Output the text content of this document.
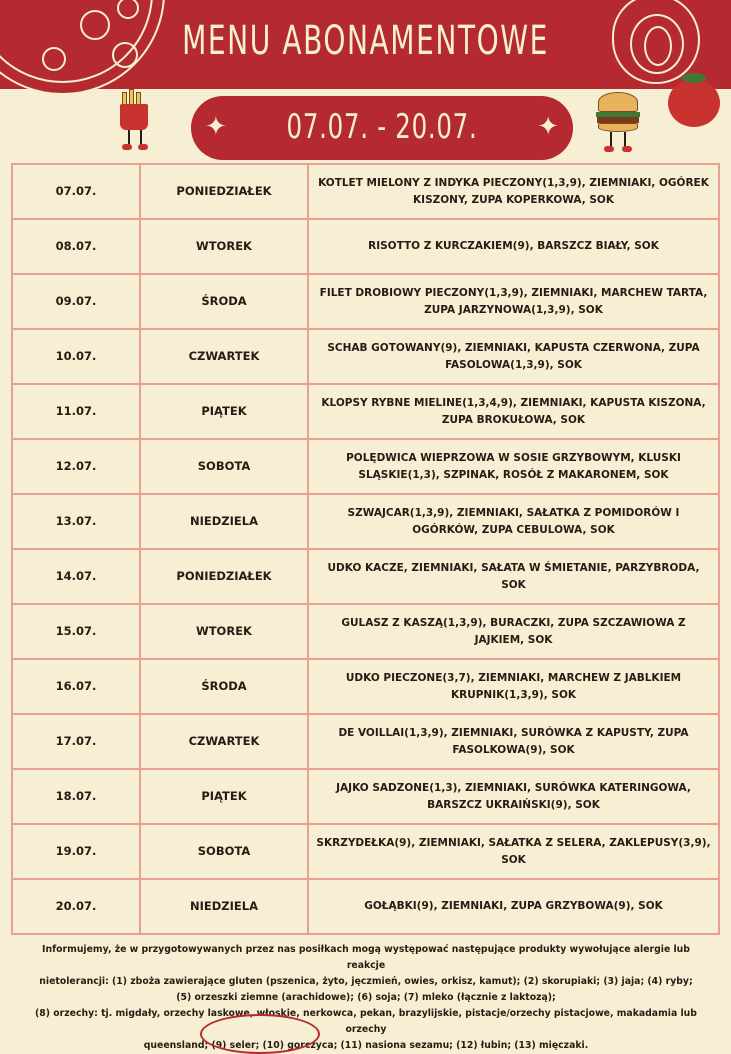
MENU ABONAMENTOWE
✦	07.07. - 20.07.	✦
07.07.	PONIEDZIAŁEK	KOTLET MIELONY Z INDYKA PIECZONY(1,3,9), ZIEMNIAKI, OGÓREK KISZONY, ZUPA KOPERKOWA, SOK
08.07.	WTOREK	RISOTTO Z KURCZAKIEM(9), BARSZCZ BIAŁY, SOK
09.07.	ŚRODA	FILET DROBIOWY PIECZONY(1,3,9), ZIEMNIAKI, MARCHEW TARTA, ZUPA JARZYNOWA(1,3,9), SOK
10.07.	CZWARTEK	SCHAB GOTOWANY(9), ZIEMNIAKI, KAPUSTA CZERWONA, ZUPA FASOLOWA(1,3,9), SOK
11.07.	PIĄTEK	KLOPSY RYBNE MIELINE(1,3,4,9), ZIEMNIAKI, KAPUSTA KISZONA, ZUPA BROKUŁOWA, SOK
12.07.	SOBOTA	POLĘDWICA WIEPRZOWA W SOSIE GRZYBOWYM, KLUSKI SLĄSKIE(1,3), SZPINAK, ROSÓŁ Z MAKARONEM, SOK
13.07.	NIEDZIELA	SZWAJCAR(1,3,9), ZIEMNIAKI, SAŁATKA Z POMIDORÓW I OGÓRKÓW, ZUPA CEBULOWA, SOK
14.07.	PONIEDZIAŁEK	UDKO KACZE, ZIEMNIAKI, SAŁATA W ŚMIETANIE, PARZYBRODA, SOK
15.07.	WTOREK	GULASZ Z KASZĄ(1,3,9), BURACZKI, ZUPA SZCZAWIOWA Z JAJKIEM, SOK
16.07.	ŚRODA	UDKO PIECZONE(3,7), ZIEMNIAKI, MARCHEW Z JABLKIEM KRUPNIK(1,3,9), SOK
17.07.	CZWARTEK	DE VOILLAI(1,3,9), ZIEMNIAKI, SURÓWKA Z KAPUSTY, ZUPA FASOLKOWA(9), SOK
18.07.	PIĄTEK	JAJKO SADZONE(1,3), ZIEMNIAKI, SURÓWKA KATERINGOWA, BARSZCZ UKRAIŃSKI(9), SOK
19.07.	SOBOTA	SKRZYDEŁKA(9), ZIEMNIAKI, SAŁATKA Z SELERA, ZAKLEPUSY(3,9), SOK
20.07.	NIEDZIELA	GOŁĄBKI(9), ZIEMNIAKI, ZUPA GRZYBOWA(9), SOK
Informujemy, że w przygotowywanych przez nas posiłkach mogą występować następujące produkty wywołujące alergie lub reakcje
nietolerancji: (1) zboża zawierające gluten (pszenica, żyto, jęczmień, owies, orkisz, kamut); (2) skorupiaki; (3) jaja; (4) ryby;
(5) orzeszki ziemne (arachidowe); (6) soja; (7) mleko (łącznie z laktozą);
(8) orzechy: tj. migdały, orzechy laskowe, włoskie, nerkowca, pekan, brazylijskie, pistacje/orzechy pistacjowe, makadamia lub orzechy
queensland; (9) seler; (10) gorczyca; (11) nasiona sezamu; (12) łubin; (13) mięczaki.
